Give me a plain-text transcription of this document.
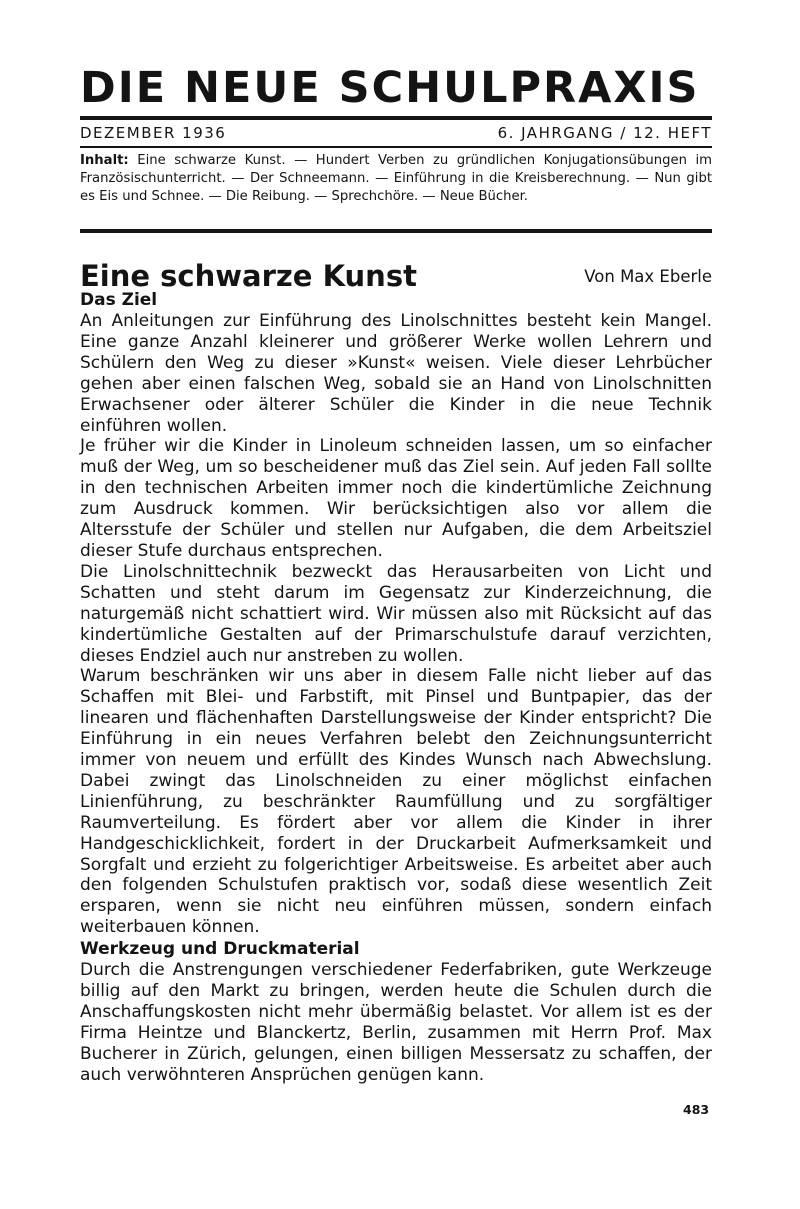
DIE NEUE SCHULPRAXIS
DEZEMBER 1936	6. JAHRGANG / 12. HEFT
Inhalt: Eine schwarze Kunst. — Hundert Verben zu gründlichen Konjugationsübungen im Französischunterricht. — Der Schneemann. — Einführung in die Kreisberechnung. — Nun gibt es Eis und Schnee. — Die Reibung. — Sprechchöre. — Neue Bücher.
Eine schwarze Kunst	Von Max Eberle
Das Ziel

An Anleitungen zur Einführung des Linolschnittes besteht kein Mangel. Eine ganze Anzahl kleinerer und größerer Werke wollen Lehrern und Schülern den Weg zu dieser »Kunst« weisen. Viele dieser Lehrbücher gehen aber einen falschen Weg, sobald sie an Hand von Linolschnitten Erwachsener oder älterer Schüler die Kinder in die neue Technik einführen wollen.

Je früher wir die Kinder in Linoleum schneiden lassen, um so einfacher muß der Weg, um so bescheidener muß das Ziel sein. Auf jeden Fall sollte in den technischen Arbeiten immer noch die kindertümliche Zeichnung zum Ausdruck kommen. Wir berücksichtigen also vor allem die Altersstufe der Schüler und stellen nur Aufgaben, die dem Arbeitsziel dieser Stufe durchaus entsprechen.

Die Linolschnittechnik bezweckt das Herausarbeiten von Licht und Schatten und steht darum im Gegensatz zur Kinderzeichnung, die naturgemäß nicht schattiert wird. Wir müssen also mit Rücksicht auf das kindertümliche Gestalten auf der Primarschulstufe darauf verzichten, dieses Endziel auch nur anstreben zu wollen.

Warum beschränken wir uns aber in diesem Falle nicht lieber auf das Schaffen mit Blei- und Farbstift, mit Pinsel und Buntpapier, das der linearen und flächenhaften Darstellungsweise der Kinder entspricht? Die Einführung in ein neues Verfahren belebt den Zeichnungsunterricht immer von neuem und erfüllt des Kindes Wunsch nach Abwechslung. Dabei zwingt das Linolschneiden zu einer möglichst einfachen Linienführung, zu beschränkter Raumfüllung und zu sorgfältiger Raumverteilung. Es fördert aber vor allem die Kinder in ihrer Handgeschicklichkeit, fordert in der Druckarbeit Aufmerksamkeit und Sorgfalt und erzieht zu folgerichtiger Arbeitsweise. Es arbeitet aber auch den folgenden Schulstufen praktisch vor, sodaß diese wesentlich Zeit ersparen, wenn sie nicht neu einführen müssen, sondern einfach weiterbauen können.

Werkzeug und Druckmaterial

Durch die Anstrengungen verschiedener Federfabriken, gute Werkzeuge billig auf den Markt zu bringen, werden heute die Schulen durch die Anschaffungskosten nicht mehr übermäßig belastet. Vor allem ist es der Firma Heintze und Blanckertz, Berlin, zusammen mit Herrn Prof. Max Bucherer in Zürich, gelungen, einen billigen Messersatz zu schaffen, der auch verwöhnteren Ansprüchen genügen kann.

483
